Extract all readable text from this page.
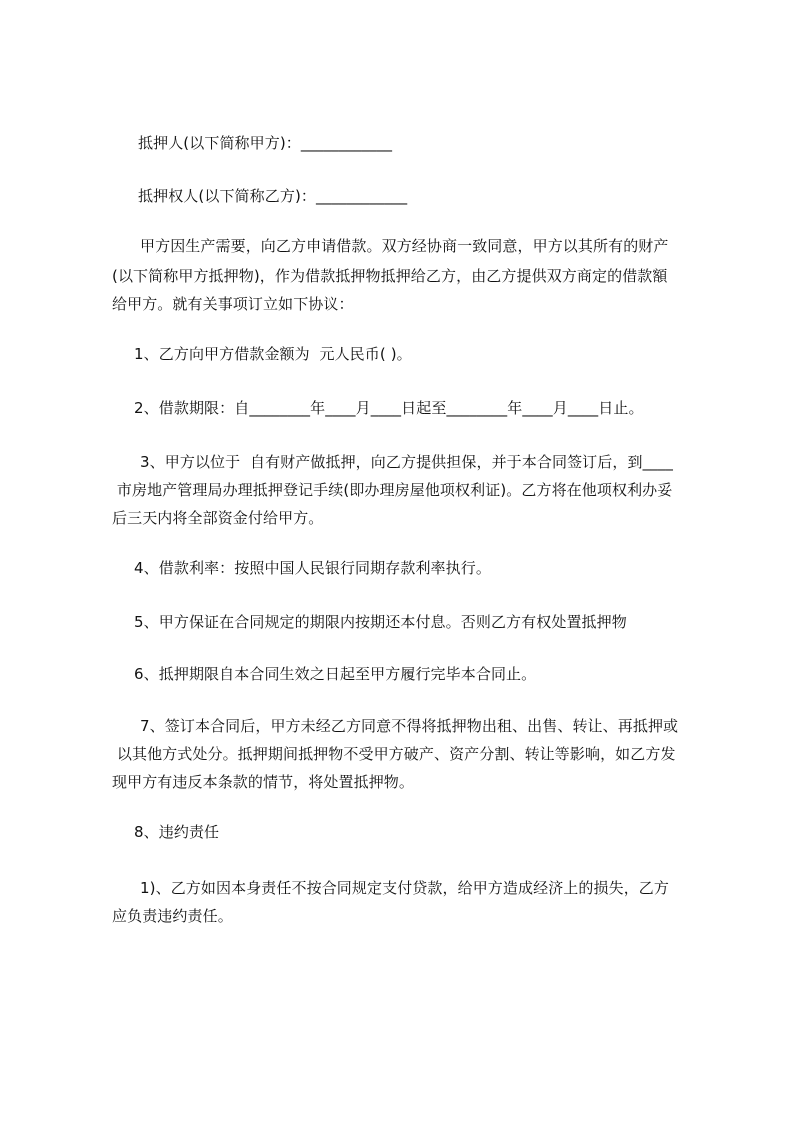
抵押人(以下简称甲方)：____________
抵押权人(以下简称乙方)：____________
甲方因生产需要，向乙方申请借款。双方经协商一致同意，甲方以其所有的财产
(以下简称甲方抵押物)，作为借款抵押物抵押给乙方，由乙方提供双方商定的借款額
给甲方。就有关事项订立如下协议：
1、乙方向甲方借款金额为  元人民币( )。
2、借款期限：自________年____月____日起至________年____月____日止。
3、甲方以位于  自有财产做抵押，向乙方提供担保，并于本合同签订后，到____
市房地产管理局办理抵押登记手续(即办理房屋他项权利证)。乙方将在他项权利办妥
后三天内将全部资金付给甲方。
4、借款利率：按照中国人民银行同期存款利率执行。
5、甲方保证在合同规定的期限内按期还本付息。否则乙方有权处置抵押物
6、抵押期限自本合同生效之日起至甲方履行完毕本合同止。
7、签订本合同后，甲方未经乙方同意不得将抵押物出租、出售、转让、再抵押或
以其他方式处分。抵押期间抵押物不受甲方破产、资产分割、转让等影响，如乙方发
现甲方有违反本条款的情节，将处置抵押物。
8、违约责任
1)、乙方如因本身责任不按合同规定支付贷款，给甲方造成经济上的损失，乙方
应负责违约责任。
